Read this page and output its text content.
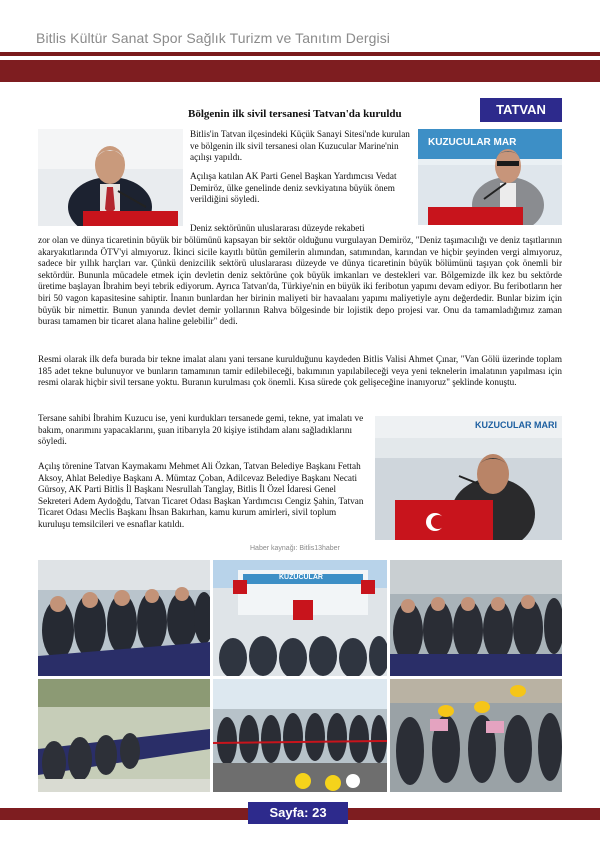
Bitlis Kültür Sanat Spor Sağlık Turizm ve Tanıtım Dergisi
Bölgenin ilk sivil tersanesi Tatvan'da kuruldu	TATVAN
KUZUCULAR MAR
Bitlis'in Tatvan ilçesindeki Küçük Sanayi Sitesi'nde kurulan ve bölgenin ilk sivil tersanesi olan Kuzucular Marine'nin açılışı yapıldı.
Açılışa katılan AK Parti Genel Başkan Yardımcısı Vedat Demiröz, ülke genelinde deniz sevkiyatına büyük önem verildiğini söyledi.
Deniz sektörünün uluslararası düzeyde rekabeti
zor olan ve dünya ticaretinin büyük bir bölümünü kapsayan bir sektör olduğunu vurgulayan Demiröz, "Deniz taşımacılığı ve deniz taşıtlarının akaryakıtlarında ÖTV'yi almıyoruz. İkinci sicile kayıtlı bütün gemilerin alımından, satımından, karından ve hiçbir şeyinden vergi almıyoruz, sadece bir yıllık harçları var. Çünkü denizcilik sektörü uluslararası düzeyde ve dünya ticaretinin büyük bölümünü taşıyan çok önemli bir sektördür. Bununla mücadele etmek için devletin deniz sektörüne çok büyük imkanları ve destekleri var. Bölgemizde ilk kez bu sektörde üretime başlayan İbrahim beyi tebrik ediyorum. Ayrıca Tatvan'da, Türkiye'nin en büyük iki feribotun yapımı devam ediyor. Bu feribotların her biri 50 vagon kapasitesine sahiptir. İnanın bunlardan her birinin maliyeti bir havaalanı yapımı maliyetiyle aynı değerdedir. Bunlar bizim için büyük bir nimettir. Bunun yanında devlet demir yollarının Rahva bölgesinde bir lojistik depo projesi var. Onu da tamamladığımız zaman burası tamamen bir ticaret alana haline gelebilir" dedi.
Resmi olarak ilk defa burada bir tekne imalat alanı yani tersane kurulduğunu kaydeden Bitlis Valisi Ahmet Çınar, "Van Gölü üzerinde toplam 185 adet tekne bulunuyor ve bunların tamamının tamir edilebileceği, bakımının yapılabileceği veya yeni teknelerin imalatının yapılması için resmi olarak hiçbir sivil tersane yoktu. Buranın kurulması çok önemli. Kısa sürede çok gelişeceğine inanıyoruz" şeklinde konuştu.
Tersane sahibi İbrahim Kuzucu ise, yeni kurdukları tersanede gemi, tekne, yat imalatı ve bakım, onarımını yapacaklarını, şuan itibarıyla 20 kişiye istihdam alanı sağladıklarını söyledi.
Açılış törenine Tatvan Kaymakamı Mehmet Ali Özkan, Tatvan Belediye Başkanı Fettah Aksoy, Ahlat Belediye Başkanı A. Mümtaz Çoban, Adilcevaz Belediye Başkanı Necati Gürsoy, AK Parti Bitlis İl Başkanı Nesrullah Tanglay, Bitlis İl Özel İdaresi Genel Sekreteri Adem Aydoğdu, Tatvan Ticaret Odası Başkan Yardımcısı Cengiz Şahin, Tatvan Ticaret Odası Meclis Başkanı İhsan Bakırhan, kamu kurum amirleri, sivil toplum kuruluşu temsilcileri ve esnaflar katıldı.
Haber kaynağı: Bitlis13haber
KUZUCULAR MARI
KUZUCULAR
Sayfa: 23
